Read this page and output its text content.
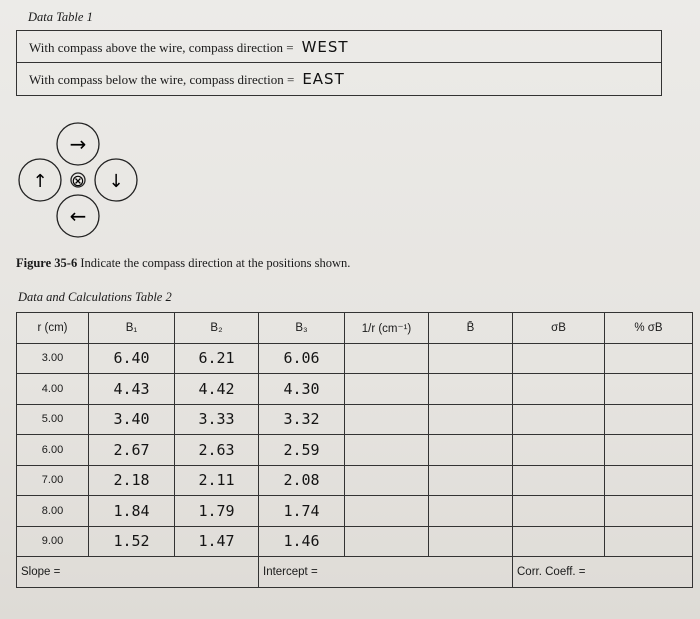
Data Table 1
With compass above the wire, compass direction = WEST
With compass below the wire, compass direction = EAST
→
↑ ⊗ ↓
←
Figure 35-6 Indicate the compass direction at the positions shown.
Data and Calculations Table 2
r (cm)	B₁	B₂	B₃	1/r (cm⁻¹)	B̄	σB	% σB
3.00	6.40	6.21	6.06				
4.00	4.43	4.42	4.30				
5.00	3.40	3.33	3.32				
6.00	2.67	2.63	2.59				
7.00	2.18	2.11	2.08				
8.00	1.84	1.79	1.74				
9.00	1.52	1.47	1.46				
Slope =			Intercept =			Corr. Coeff. =	
